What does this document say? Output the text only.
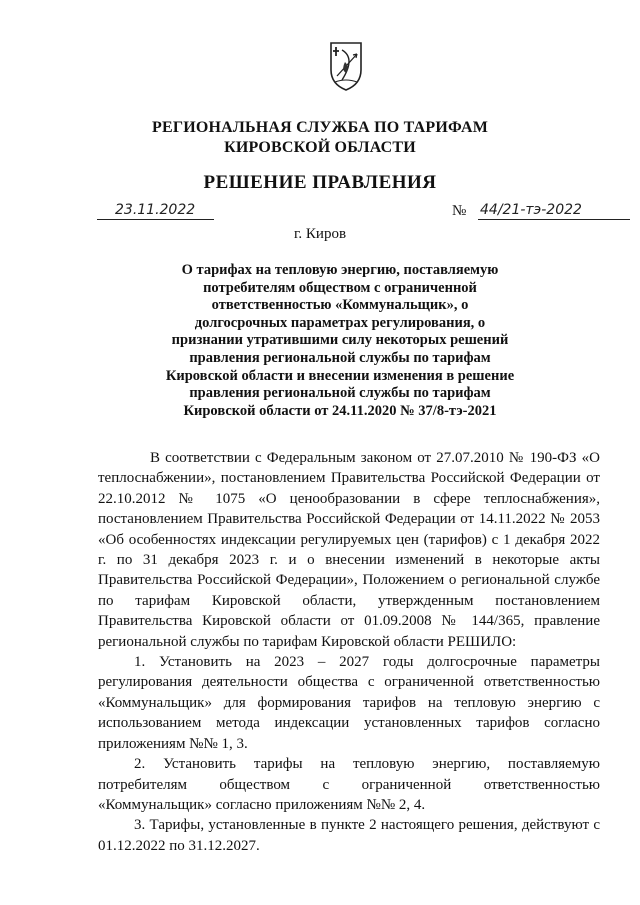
РЕГИОНАЛЬНАЯ СЛУЖБА ПО ТАРИФАМ
КИРОВСКОЙ ОБЛАСТИ
РЕШЕНИЕ ПРАВЛЕНИЯ
23.11.2022	№ 44/21-тэ-2022
г. Киров
О тарифах на тепловую энергию, поставляемую
потребителям обществом с ограниченной
ответственностью «Коммунальщик», о
долгосрочных параметрах регулирования, о
признании утратившими силу некоторых решений
правления региональной службы по тарифам
Кировской области и внесении изменения в решение
правления региональной службы по тарифам
Кировской области от 24.11.2020 № 37/8-тэ-2021

В соответствии с Федеральным законом от 27.07.2010 № 190-ФЗ «О теплоснабжении», постановлением Правительства Российской Федерации от 22.10.2012 № 1075 «О ценообразовании в сфере теплоснабжения», постановлением Правительства Российской Федерации от 14.11.2022 № 2053 «Об особенностях индексации регулируемых цен (тарифов) с 1 декабря 2022 г. по 31 декабря 2023 г. и о внесении изменений в некоторые акты Правительства Российской Федерации», Положением о региональной службе по тарифам Кировской области, утвержденным постановлением Правительства Кировской области от 01.09.2008 № 144/365, правление региональной службы по тарифам Кировской области РЕШИЛО:

1. Установить на 2023 – 2027 годы долгосрочные параметры регулирования деятельности общества с ограниченной ответственностью «Коммунальщик» для формирования тарифов на тепловую энергию с использованием метода индексации установленных тарифов согласно приложениям №№ 1, 3.

2. Установить тарифы на тепловую энергию, поставляемую потребителям обществом с ограниченной ответственностью «Коммунальщик» согласно приложениям №№ 2, 4.

3. Тарифы, установленные в пункте 2 настоящего решения, действуют с 01.12.2022 по 31.12.2027.
